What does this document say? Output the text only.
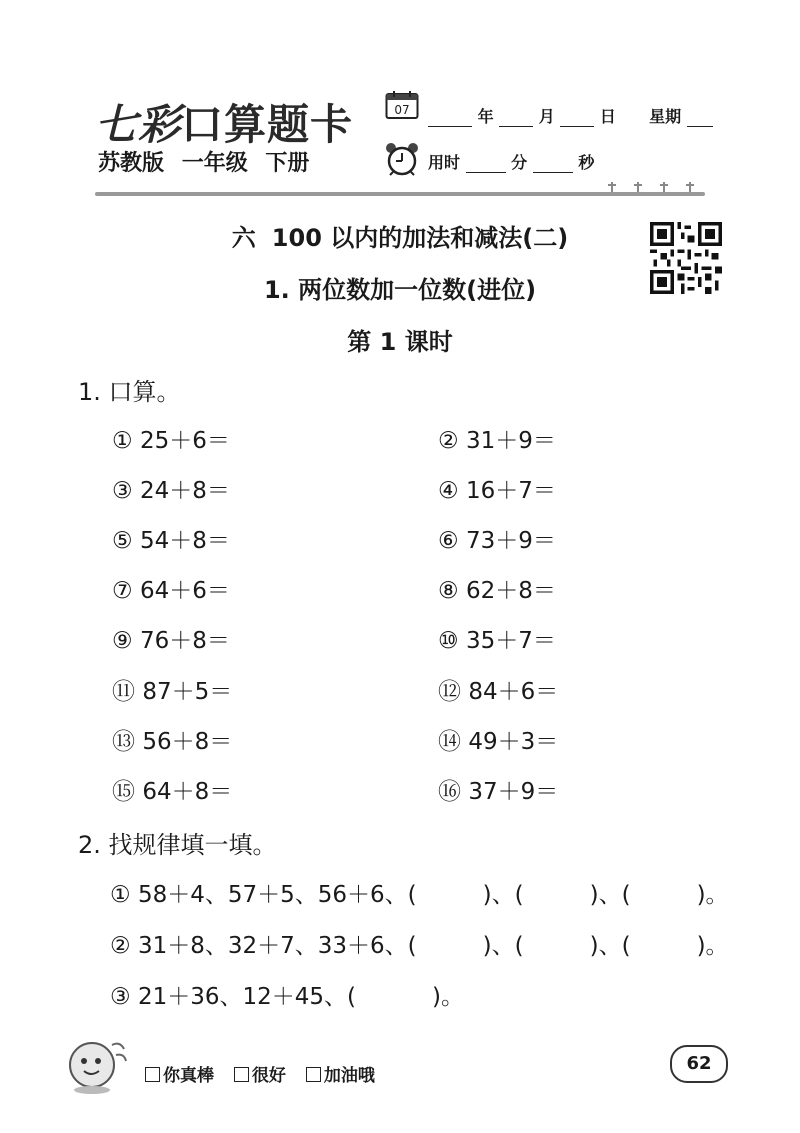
七彩口算题卡
苏教版 一年级 下册
07	年	月	日 星期
用时	分	秒
六 100 以内的加法和减法(二)
1. 两位数加一位数(进位)
第 1 课时
1. 口算。
① 25＋6＝	② 31＋9＝
③ 24＋8＝	④ 16＋7＝
⑤ 54＋8＝	⑥ 73＋9＝
⑦ 64＋6＝	⑧ 62＋8＝
⑨ 76＋8＝	⑩ 35＋7＝
⑪ 87＋5＝	⑫ 84＋6＝
⑬ 56＋8＝	⑭ 49＋3＝
⑮ 64＋8＝	⑯ 37＋9＝
2. 找规律填一填。
① 58＋4、57＋5、56＋6、(	)、(	)、(	)。
② 31＋8、32＋7、33＋6、(	)、(	)、(	)。
③ 21＋36、12＋45、(	)。
你真棒 很好 加油哦
62
